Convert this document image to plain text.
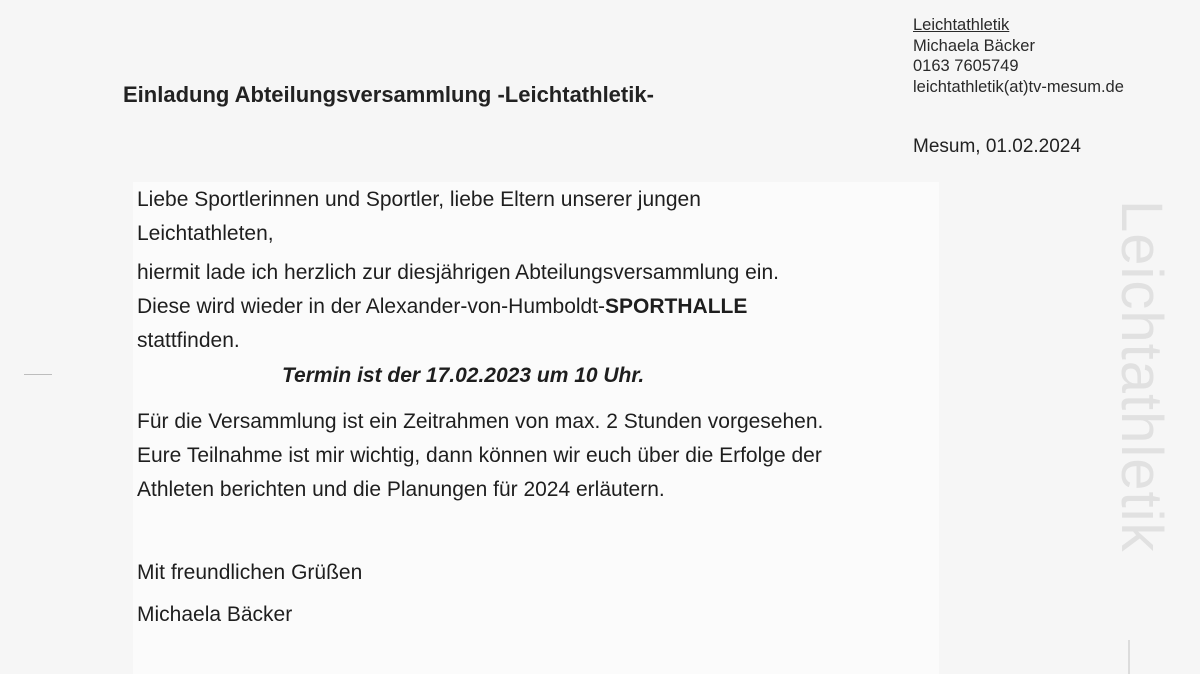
Einladung Abteilungsversammlung -Leichtathletik-
Leichtathletik
Michaela Bäcker
0163 7605749
leichtathletik(at)tv-mesum.de
Mesum, 01.02.2024
Leichtathletik
Liebe Sportlerinnen und Sportler, liebe Eltern unserer jungen
Leichtathleten,
hiermit lade ich herzlich zur diesjährigen Abteilungsversammlung ein.
Diese wird wieder in der Alexander-von-Humboldt-SPORTHALLE
stattfinden.
Termin ist der 17.02.2023 um 10 Uhr.
Für die Versammlung ist ein Zeitrahmen von max. 2 Stunden vorgesehen.
Eure Teilnahme ist mir wichtig, dann können wir euch über die Erfolge der
Athleten berichten und die Planungen für 2024 erläutern.
Mit freundlichen Grüßen
Michaela Bäcker
